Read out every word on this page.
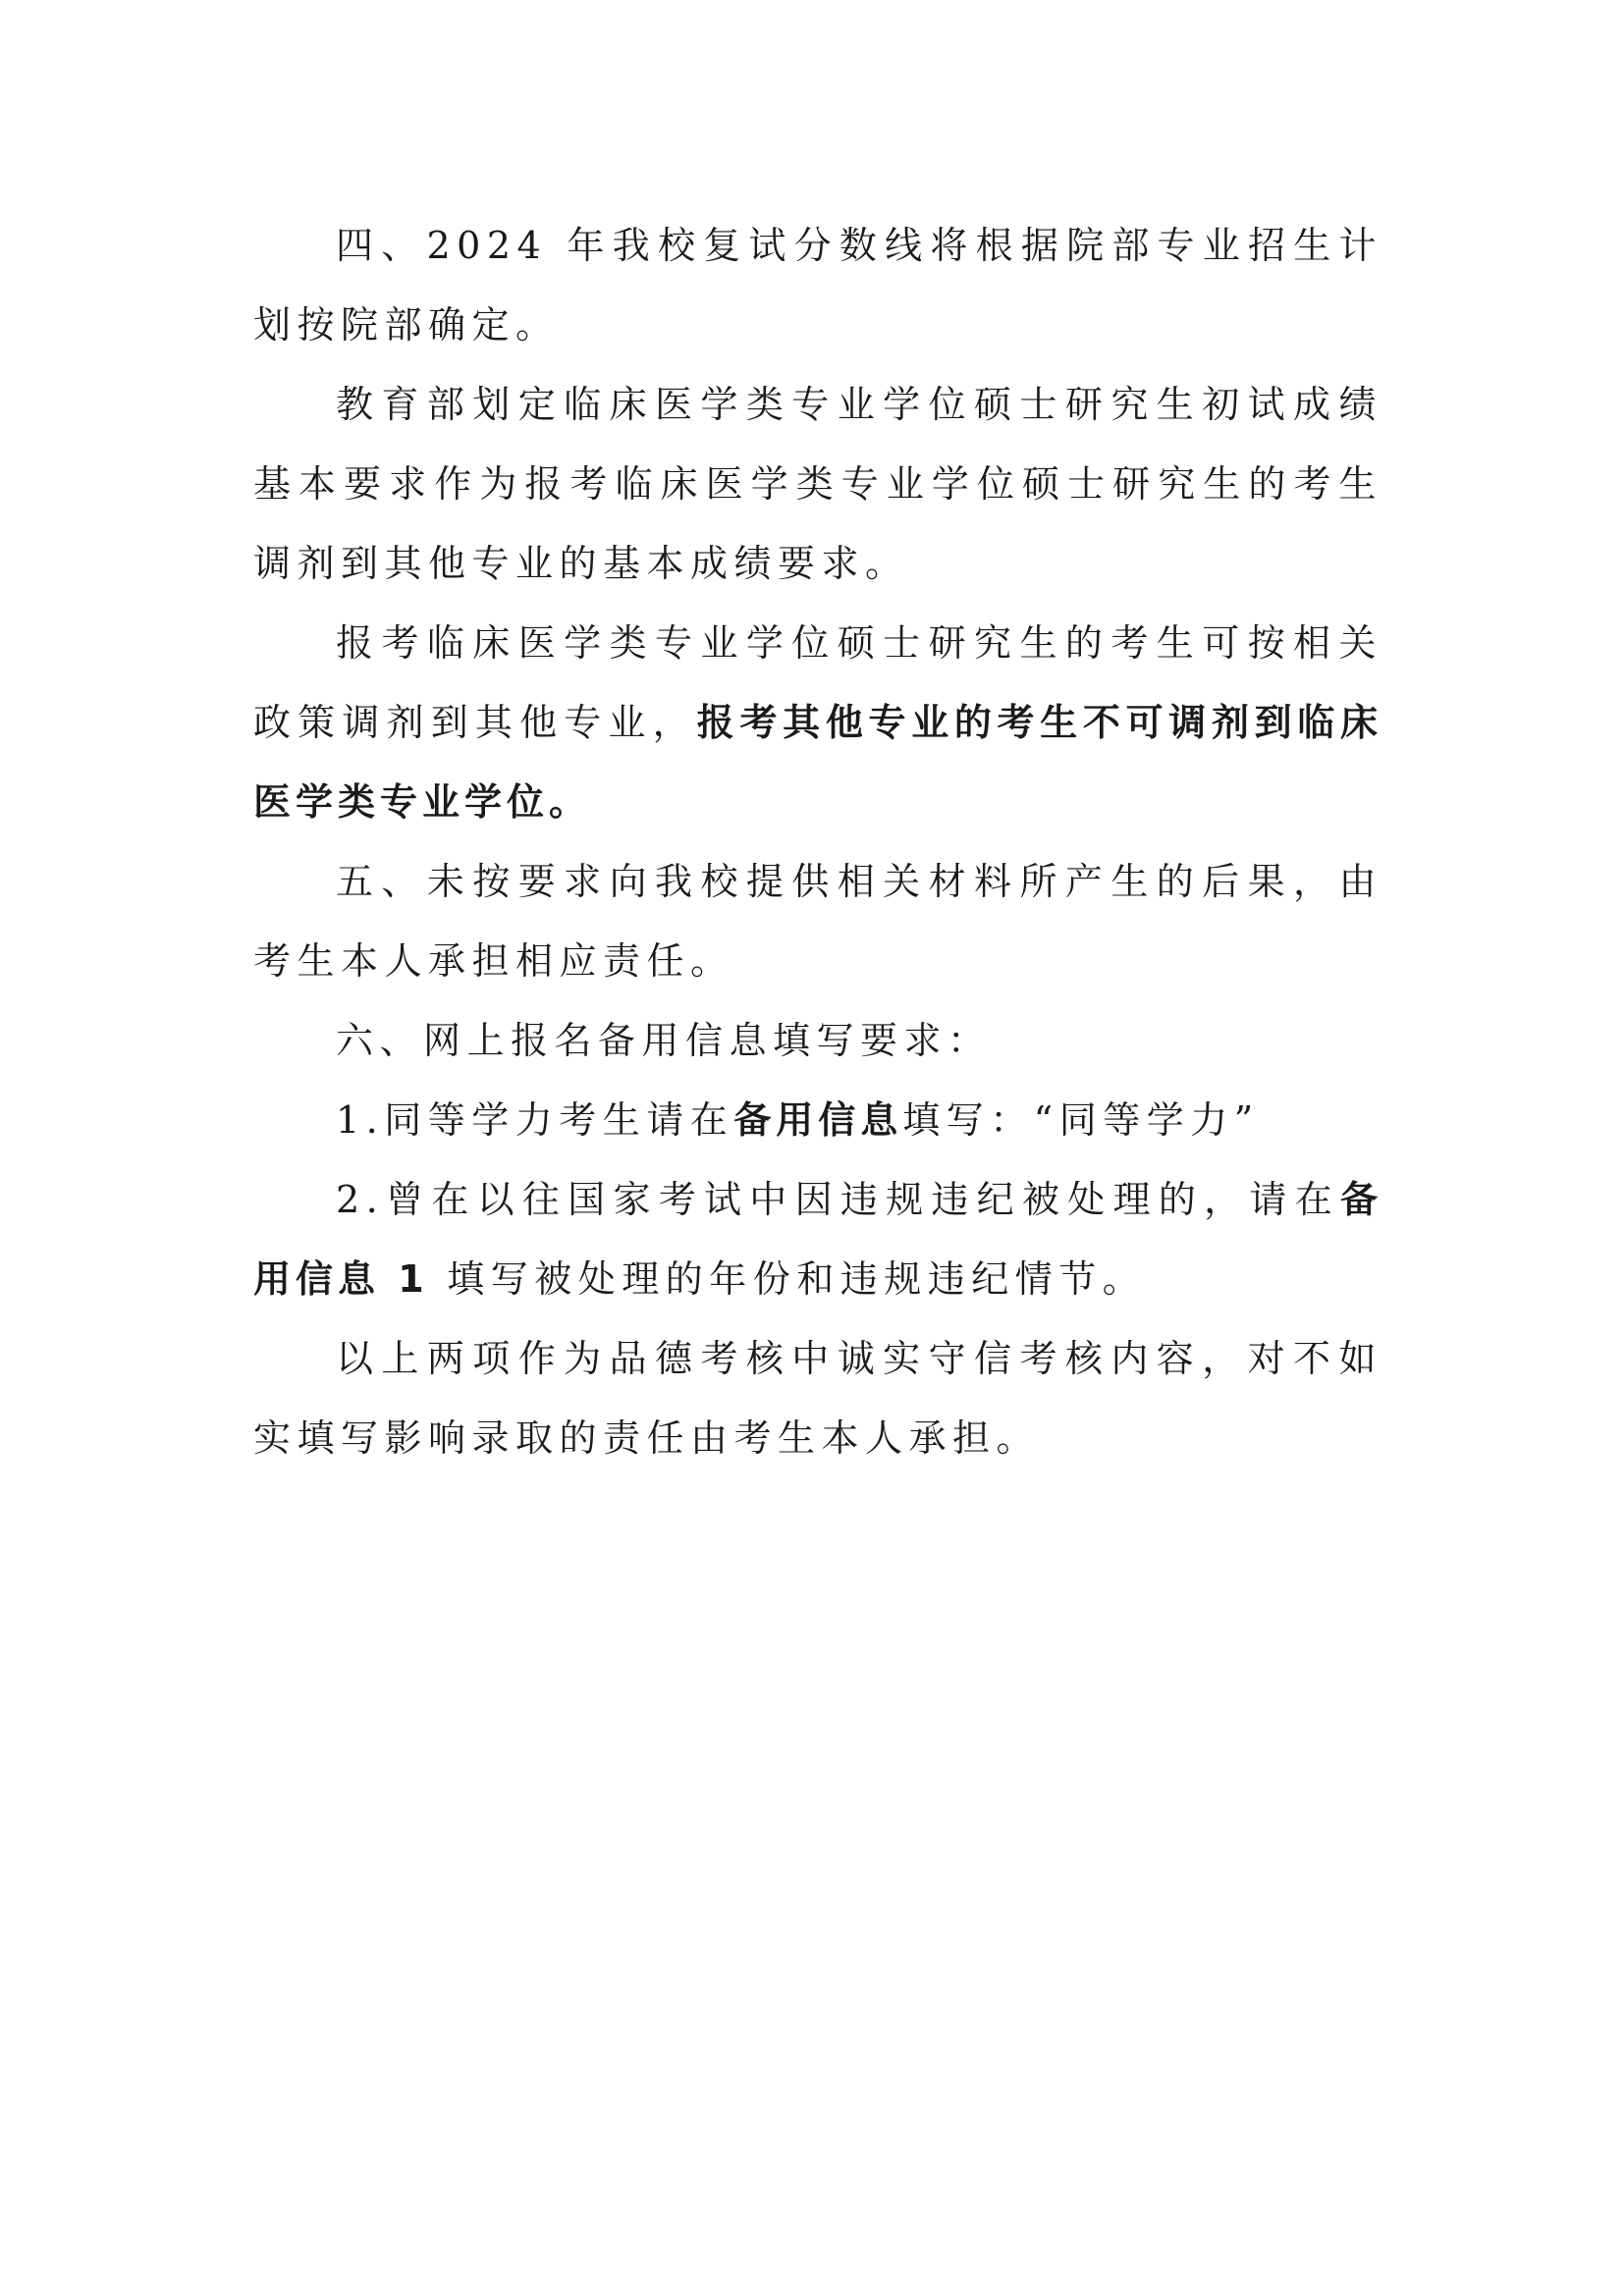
四、2024 年我校复试分数线将根据院部专业招生计划按院部确定。

教育部划定临床医学类专业学位硕士研究生初试成绩基本要求作为报考临床医学类专业学位硕士研究生的考生调剂到其他专业的基本成绩要求。

报考临床医学类专业学位硕士研究生的考生可按相关政策调剂到其他专业，报考其他专业的考生不可调剂到临床医学类专业学位。

五、未按要求向我校提供相关材料所产生的后果，由考生本人承担相应责任。

六、网上报名备用信息填写要求：

1.同等学力考生请在备用信息填写：“同等学力”

2.曾在以往国家考试中因违规违纪被处理的，请在备用信息 1 填写被处理的年份和违规违纪情节。

以上两项作为品德考核中诚实守信考核内容，对不如实填写影响录取的责任由考生本人承担。
